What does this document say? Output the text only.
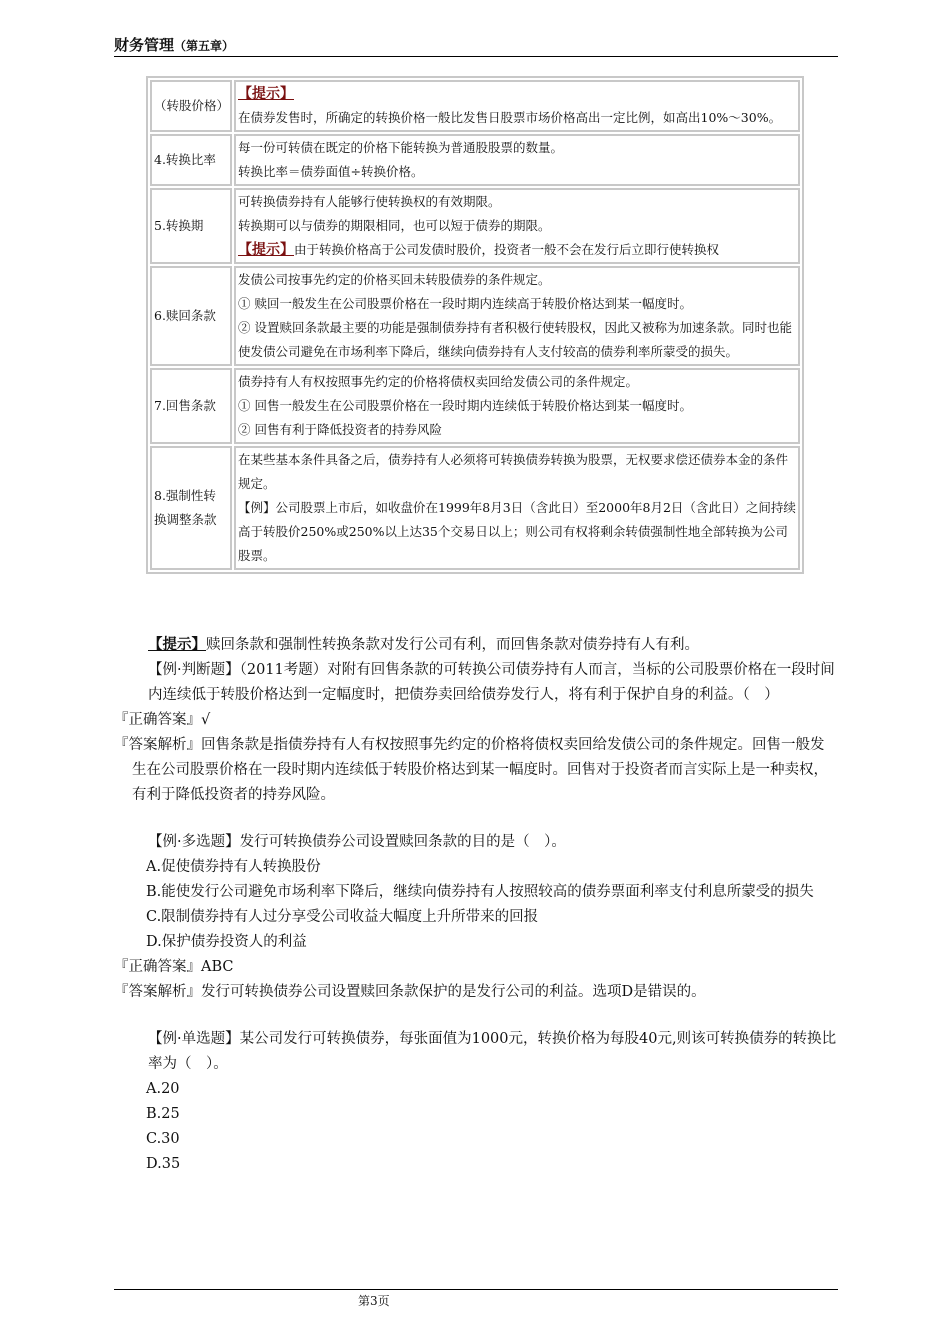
财务管理（第五章）
（转股价格）	【提示】
在债券发售时，所确定的转换价格一般比发售日股票市场价格高出一定比例，如高出10%～30%。

4.转换比率	每一份可转债在既定的价格下能转换为普通股股票的数量。
转换比率＝债券面值÷转换价格。

5.转换期	可转换债券持有人能够行使转换权的有效期限。
转换期可以与债券的期限相同，也可以短于债券的期限。
【提示】由于转换价格高于公司发债时股价，投资者一般不会在发行后立即行使转换权

6.赎回条款	发债公司按事先约定的价格买回未转股债券的条件规定。
① 赎回一般发生在公司股票价格在一段时期内连续高于转股价格达到某一幅度时。
② 设置赎回条款最主要的功能是强制债券持有者积极行使转股权，因此又被称为加速条款。同时也能使发债公司避免在市场利率下降后，继续向债券持有人支付较高的债券利率所蒙受的损失。

7.回售条款	债券持有人有权按照事先约定的价格将债权卖回给发债公司的条件规定。
① 回售一般发生在公司股票价格在一段时期内连续低于转股价格达到某一幅度时。
② 回售有利于降低投资者的持券风险

8.强制性转换调整条款	在某些基本条件具备之后，债券持有人必须将可转换债券转换为股票，无权要求偿还债券本金的条件规定。
【例】公司股票上市后，如收盘价在1999年8月3日（含此日）至2000年8月2日（含此日）之间持续高于转股价250%或250%以上达35个交易日以上；则公司有权将剩余转债强制性地全部转换为公司股票。

【提示】赎回条款和强制性转换条款对发行公司有利，而回售条款对债券持有人有利。

【例·判断题】（2011考题）对附有回售条款的可转换公司债券持有人而言，当标的公司股票价格在一段时间内连续低于转股价格达到一定幅度时，把债券卖回给债券发行人，将有利于保护自身的利益。（　）

『正确答案』√

『答案解析』回售条款是指债券持有人有权按照事先约定的价格将债权卖回给发债公司的条件规定。回售一般发生在公司股票价格在一段时期内连续低于转股价格达到某一幅度时。回售对于投资者而言实际上是一种卖权，有利于降低投资者的持券风险。

【例·多选题】发行可转换债券公司设置赎回条款的目的是（　）。

A.促使债券持有人转换股份

B.能使发行公司避免市场利率下降后，继续向债券持有人按照较高的债券票面利率支付利息所蒙受的损失

C.限制债券持有人过分享受公司收益大幅度上升所带来的回报

D.保护债券投资人的利益

『正确答案』ABC

『答案解析』发行可转换债券公司设置赎回条款保护的是发行公司的利益。选项D是错误的。

【例·单选题】某公司发行可转换债券，每张面值为1000元，转换价格为每股40元,则该可转换债券的转换比率为（　）。

A.20

B.25

C.30

D.35

第3页
